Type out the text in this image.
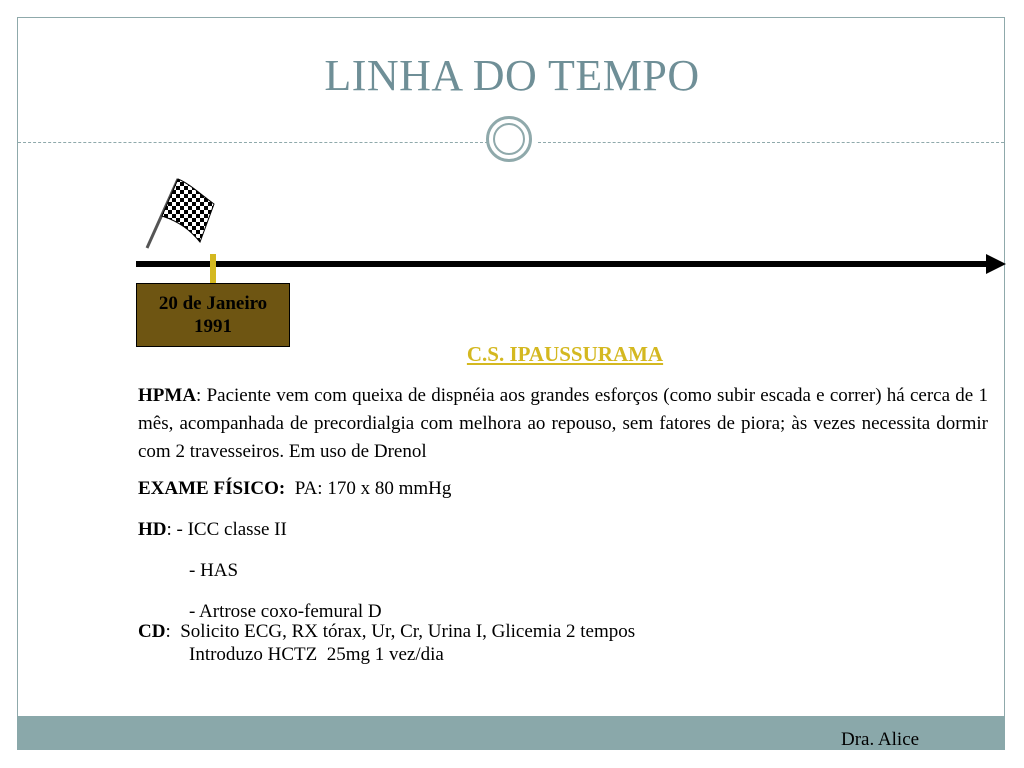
LINHA DO TEMPO
20 de Janeiro
1991
C.S. IPAUSSURAMA

HPMA: Paciente vem com queixa de dispnéia aos grandes esforços (como subir escada e correr) há cerca de 1 mês, acompanhada de precordialgia com melhora ao repouso, sem fatores de piora; às vezes necessita dormir com 2 travesseiros. Em uso de Drenol

EXAME FÍSICO:  PA: 170 x 80 mmHg

HD: - ICC classe II

- HAS

- Artrose coxo-femural D

CD:  Solicito ECG, RX tórax, Ur, Cr, Urina I, Glicemia 2 tempos

Introduzo HCTZ  25mg 1 vez/dia

Dra. Alice
